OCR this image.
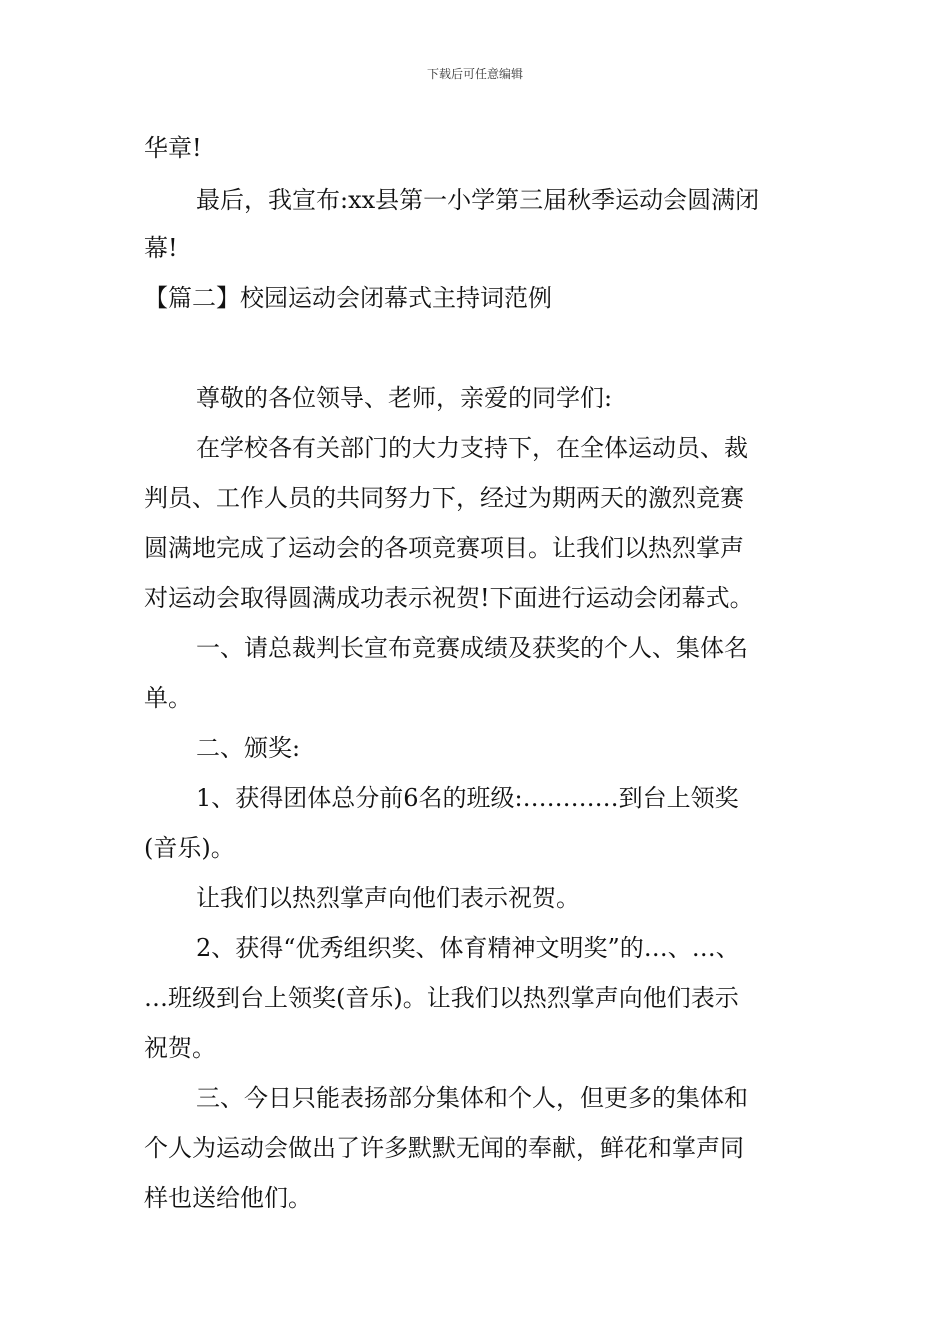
下载后可任意编辑
华章!
最后，我宣布:xx县第一小学第三届秋季运动会圆满闭
幕!
【篇二】校园运动会闭幕式主持词范例
尊敬的各位领导、老师，亲爱的同学们:
在学校各有关部门的大力支持下，在全体运动员、裁
判员、工作人员的共同努力下，经过为期两天的激烈竞赛
圆满地完成了运动会的各项竞赛项目。让我们以热烈掌声
对运动会取得圆满成功表示祝贺!下面进行运动会闭幕式。
一、请总裁判长宣布竞赛成绩及获奖的个人、集体名
单。
二、颁奖:
1、获得团体总分前6名的班级:…………到台上领奖
(音乐)。
让我们以热烈掌声向他们表示祝贺。
2、获得“优秀组织奖、体育精神文明奖”的…、…、
…班级到台上领奖(音乐)。让我们以热烈掌声向他们表示
祝贺。
三、今日只能表扬部分集体和个人，但更多的集体和
个人为运动会做出了许多默默无闻的奉献，鲜花和掌声同
样也送给他们。
